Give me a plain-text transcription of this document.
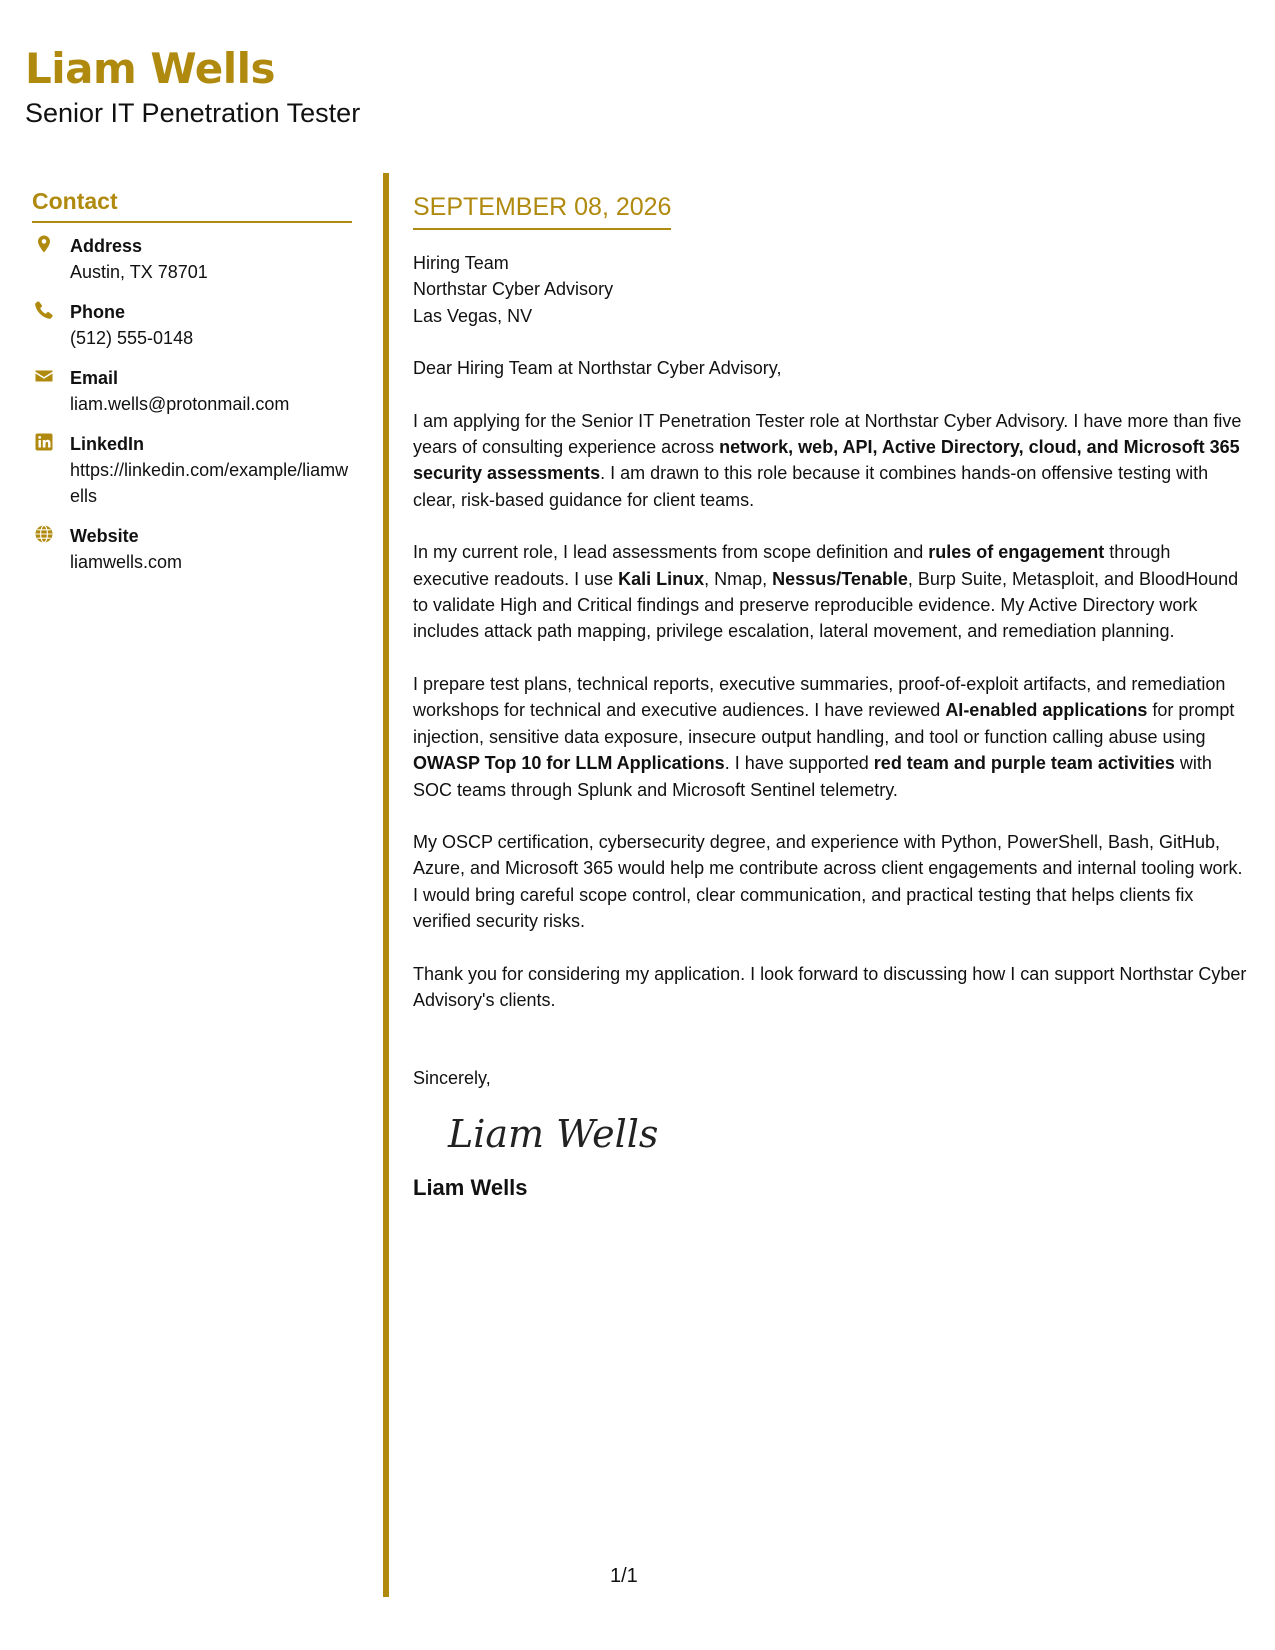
Liam Wells
Senior IT Penetration Tester
Contact
Address
Austin, TX 78701
Phone
(512) 555-0148
Email
liam.wells@protonmail.com
LinkedIn
https://linkedin.com/example/liamwells
Website
liamwells.com
SEPTEMBER 08, 2026
Hiring Team
Northstar Cyber Advisory
Las Vegas, NV
Dear Hiring Team at Northstar Cyber Advisory,

I am applying for the Senior IT Penetration Tester role at Northstar Cyber Advisory. I have more than five years of consulting experience across network, web, API, Active Directory, cloud, and Microsoft 365 security assessments. I am drawn to this role because it combines hands-on offensive testing with clear, risk-based guidance for client teams.

In my current role, I lead assessments from scope definition and rules of engagement through executive readouts. I use Kali Linux, Nmap, Nessus/Tenable, Burp Suite, Metasploit, and BloodHound to validate High and Critical findings and preserve reproducible evidence. My Active Directory work includes attack path mapping, privilege escalation, lateral movement, and remediation planning.

I prepare test plans, technical reports, executive summaries, proof-of-exploit artifacts, and remediation workshops for technical and executive audiences. I have reviewed AI-enabled applications for prompt injection, sensitive data exposure, insecure output handling, and tool or function calling abuse using OWASP Top 10 for LLM Applications. I have supported red team and purple team activities with SOC teams through Splunk and Microsoft Sentinel telemetry.

My OSCP certification, cybersecurity degree, and experience with Python, PowerShell, Bash, GitHub, Azure, and Microsoft 365 would help me contribute across client engagements and internal tooling work. I would bring careful scope control, clear communication, and practical testing that helps clients fix verified security risks.

Thank you for considering my application. I look forward to discussing how I can support Northstar Cyber Advisory's clients.

Sincerely,
Liam Wells
Liam Wells
1/1
